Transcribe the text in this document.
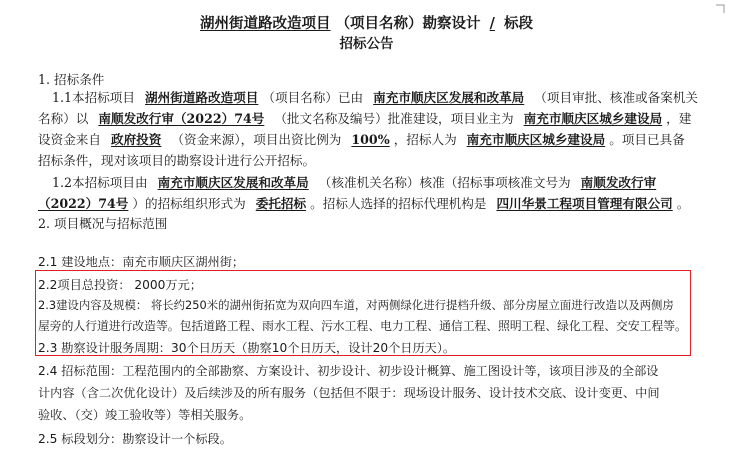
湖州街道路改造项目 （项目名称）勘察设计 / 标段
招标公告
1. 招标条件
1.1本招标项目 湖州街道路改造项目 （项目名称）已由 南充市顺庆区发展和改革局 （项目审批、核准或备案机关
名称）以 南顺发改行审（2022）74号 （批文名称及编号）批准建设，项目业主为 南充市顺庆区城乡建设局 ，建
设资金来自 政府投资 （资金来源），项目出资比例为 100% ，招标人为 南充市顺庆区城乡建设局 。项目已具备
招标条件，现对该项目的勘察设计进行公开招标。
1.2本招标项目由 南充市顺庆区发展和改革局 （核准机关名称）核准（招标事项核准文号为 南顺发改行审
（2022）74号 ）的招标组织形式为 委托招标 。招标人选择的招标代理机构是 四川华景工程项目管理有限公司 。
2. 项目概况与招标范围
2.1 建设地点：南充市顺庆区湖州街；
2.2项目总投资： 2000万元；
2.3建设内容及规模： 将长约250米的湖州街拓宽为双向四车道，对两侧绿化进行提档升级、部分房屋立面进行改造以及两侧房
屋旁的人行道进行改造等。包括道路工程、雨水工程、污水工程、电力工程、通信工程、照明工程、绿化工程、交安工程等。
2.3 勘察设计服务周期：30个日历天（勘察10个日历天，设计20个日历天）。
2.4 招标范围：工程范围内的全部勘察、方案设计、初步设计、初步设计概算、施工图设计等，该项目涉及的全部设
计内容（含二次优化设计）及后续涉及的所有服务（包括但不限于：现场设计服务、设计技术交底、设计变更、中间
验收、（交）竣工验收等）等相关服务。
2.5 标段划分：勘察设计一个标段。
